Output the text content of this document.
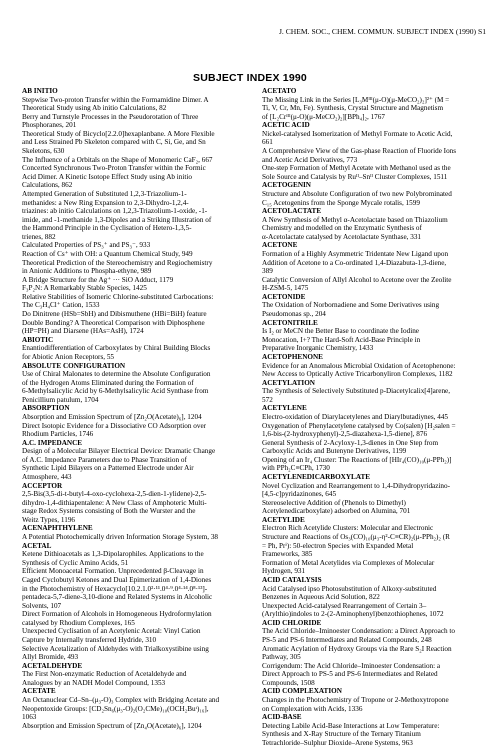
J. CHEM. SOC., CHEM. COMMUN. SUBJECT INDEX (1990) S1
SUBJECT INDEX 1990
AB INITIO
Stepwise Two-proton Transfer within the Formamidine Dimer. A
Theoretical Study using Ab initio Calculations, 82
Berry and Turnstyle Processes in the Pseudorotation of Three
Phosphoranes, 201
Theoretical Study of Bicyclo[2.2.0]hexaplanbane. A More Flexible
and Less Strained Pb Skeleton compared with C, Si, Ge, and Sn
Skeletons, 630
The Influence of a Orbitals on the Shape of Monomeric CaF₂, 667
Concerted Synchronous Two-Proton Transfer within the Formic
Acid Dimer. A Kinetic Isotope Effect Study using Ab initio
Calculations, 862
Attempted Generation of Substituted 1,2,3-Triazolium-1-
methanides: a New Ring Expansion to 2,3-Dihydro-1,2,4-
triazines: ab initio Calculations on 1,2,3-Triazolium-1-oxide, -1-
imide, and -1-methanide 1,3-Dipoles and a Striking Illustration of
the Hammond Principle in the Cyclisation of Hetero-1,3,5-
trienes, 882
Calculated Properties of PS₃⁺ and PS₃⁻, 933
Reaction of Cs⁺ with OH: a Quantum Chemical Study, 949
Theoretical Prediction of the Stereochemistry and Regiochemistry
in Anionic Additions to Phospha-ethyne, 989
A Bridge Structure for the Ag⁺ ··· SiO Adduct, 1179
F₃P₂N: A Remarkably Stable Species, 1425
Relative Stabilities of Isomeric Chlorine-substituted Carbocations:
The C₃H₄Cl⁺ Cation, 1533
Do Dinitrene (HSb=SbH) and Dibismuthene (HBi=BiH) feature
Double Bonding? A Theoretical Comparison with Diphosphene
(HP=PH) and Diarsene (HAs=AsH), 1724
ABIOTIC
Enantiodifferentiation of Carboxylates by Chiral Building Blocks
for Abiotic Anion Receptors, 55
ABSOLUTE CONFIGURATION
Use of Chiral Malonates to determine the Absolute Configuration
of the Hydrogen Atoms Eliminated during the Formation of
6-Methylsalicylic Acid by 6-Methylsalicylic Acid Synthase from
Penicillium patulum, 1704
ABSORPTION
Absorption and Emission Spectrum of [Zn₂O(Acetate)₆], 1204
Direct Isotopic Evidence for a Dissociative CO Adsorption over
Rhodium Particles, 1746
A.C. IMPEDANCE
Design of a Molecular Bilayer Electrical Device: Dramatic Change
of A.C. Impedance Parameters due to Phase Transition of
Synthetic Lipid Bilayers on a Patterned Electrode under Air
Atmosphere, 443
ACCEPTOR
2,5-Bis(3,5-di-t-butyl-4-oxo-cyclohexa-2,5-dien-1-ylidene)-2,5-
dihydro-1,4-dithiapentalene: A New Class of Amphoteric Multi-
stage Redox Systems consisting of Both the Wurster and the
Weitz Types, 1196
ACENAPHTHYLENE
A Potential Photochemically driven Information Storage System, 38
ACETAL
Ketene Dithioacetals as 1,3-Dipolarophiles. Applications to the
Synthesis of Cyclic Amino Acids, 51
Efficient Monoacetal Formation. Unprecedented β-Cleavage in
Caged Cyclobutyl Ketones and Dual Epimerization of 1,4-Diones
in the Photochemistry of Hexacyclo[10.2.1.0²·¹¹.0⁴·⁹.0⁴·¹⁴.0⁸·¹³]-
pentadeca-5,7-diene-3,10-dione and Related Systems in Alcoholic
Solvents, 107
Direct Formation of Alcohols in Homogeneous Hydroformylation
catalysed by Rhodium Complexes, 165
Unexpected Cyclisation of an Acetylenic Acetal: Vinyl Cation
Capture by Internally transferred Hydride, 310
Selective Acetalization of Aldehydes with Trialkoxystibine using
Allyl Bromide, 493
ACETALDEHYDE
The First Non-enzymatic Reduction of Acetaldehyde and
Analogues by an NADH Model Compound, 1353
ACETATE
An Octanuclear Cd–Sn–(μ₃-O)₃ Complex with Bridging Acetate and
Neopentoxide Groups: [CD₂Sn₆(μ₃-O)₂(O₂CMe)₁₀(OCH₂Buᵗ)₁₆],
1063
Absorption and Emission Spectrum of [Zn₄O(Acetate)₆], 1204
ACETATO
The Missing Link in the Series [L₃Mᴵᴵᴵ(μ-O)(μ-MeCO₂)₂]²⁺ (M =
Ti, V, Cr, Mn, Fe). Synthesis, Crystal Structure and Magnetism
of [L₂Crᴵᴵᴵ(μ-O)(μ-MeCO₂)₂][BPh₄]₂, 1767
ACETIC ACID
Nickel-catalysed Isomerization of Methyl Formate to Acetic Acid,
661
A Comprehensive View of the Gas-phase Reaction of Fluoride Ions
and Acetic Acid Derivatives, 773
One-step Formation of Methyl Acetate with Methanol used as the
Sole Source and Catalysis by Ruᴵᴵ–Snᴵᴵ Cluster Complexes, 1511
ACETOGENIN
Structure and Absolute Configuration of two new Polybrominated
C₁₅ Acetogenins from the Sponge Mycale rotalis, 1599
ACETOLACTATE
A New Synthesis of Methyl α-Acetolactate based on Thiazolium
Chemistry and modelled on the Enzymatic Synthesis of
α-Acetolactate catalysed by Acetolactate Synthase, 331
ACETONE
Formation of a Highly Asymmetric Tridentate New Ligand upon
Addition of Acetone to a Co-ordinated 1,4-Diazabuta-1,3-diene,
389
Catalytic Conversion of Allyl Alcohol to Acetone over the Zeolite
H-ZSM-5, 1475
ACETONIDE
The Oxidation of Norbornadiene and Some Derivatives using
Pseudomonas sp., 204
ACETONITRILE
Is I₂ or MeCN the Better Base to coordinate the Iodine
Monocation, I+? The Hard-Soft Acid-Base Principle in
Preparative Inorganic Chemistry, 1433
ACETOPHENONE
Evidence for an Anomalous Microbial Oxidation of Acetophenone:
New Access to Optically Active Tricarbonyliron Complexes, 1182
ACETYLATION
The Synthesis of Selectively Substituted p-Diacetylcalix[4]arene,
572
ACETYLENE
Electro-oxidation of Diarylacetylenes and Diarylbutadiynes, 445
Oxygenation of Phenylacetylene catalysed by Co(salen) [H₂salen =
1,6-bis-(2-hydroxyphenyl)-2,5-diazahexa-1,5-diene], 876
General Synthesis of 2-Acyloxy-1,3-dienes in One Step from
Carboxylic Acids and Butenyne Derivatives, 1199
Opening of an Ir₄ Cluster: The Reactions of [HIr₄(CO)₁₀(μ-PPh₂)]
with PPh₂C≡CPh, 1730
ACETYLENEDICARBOXYLATE
Novel Cyclization and Rearrangement to 1,4-Dihydropyridazino-
[4,5-c]pyridazinones, 645
Stereoselective Addition of (Phenols to Dimethyl)
Acetylenedicarboxylate) adsorbed on Alumina, 701
ACETYLIDE
Electron Rich Acetylide Clusters: Molecular and Electronic
Structure and Reactions of Os₃(CO)₁₀(μ₃-η²-C≡CR)₂(μ-PPh₂)₂ (R
= Ph, Prⁱ): 50-electron Species with Expanded Metal
Frameworks, 385
Formation of Metal Acetylides via Complexes of Molecular
Hydrogen, 931
ACID CATALYSIS
Acid Catalysed ipso Photosubstitution of Alkoxy-substituted
Benzenes in Aqueous Acid Solution, 822
Unexpected Acid-catalysed Rearrangement of Certain 3–
(Arylthio)indoles to 2-(2-Aminophenyl)benzothiophenes, 1072
ACID CHLORIDE
The Acid Chloride–Iminoester Condensation: a Direct Approach to
PS-5 and PS-6 Intermediates and Related Compounds, 248
Aromatic Acylation of Hydroxy Groups via the Rare S₂I Reaction
Pathway, 305
Corrigendum: The Acid Chloride–Iminoester Condensation: a
Direct Approach to PS-5 and PS-6 Intermediates and Related
Compounds, 1508
ACID COMPLEXATION
Changes in the Photochemistry of Tropone or 2-Methoxytropone
on Complexation with Acids, 1336
ACID-BASE
Detecting Labile Acid-Base Interactions at Low Temperature:
Synthesis and X-Ray Structure of the Ternary Titanium
Tetrachloride–Sulphur Dioxide–Arene Systems, 963
